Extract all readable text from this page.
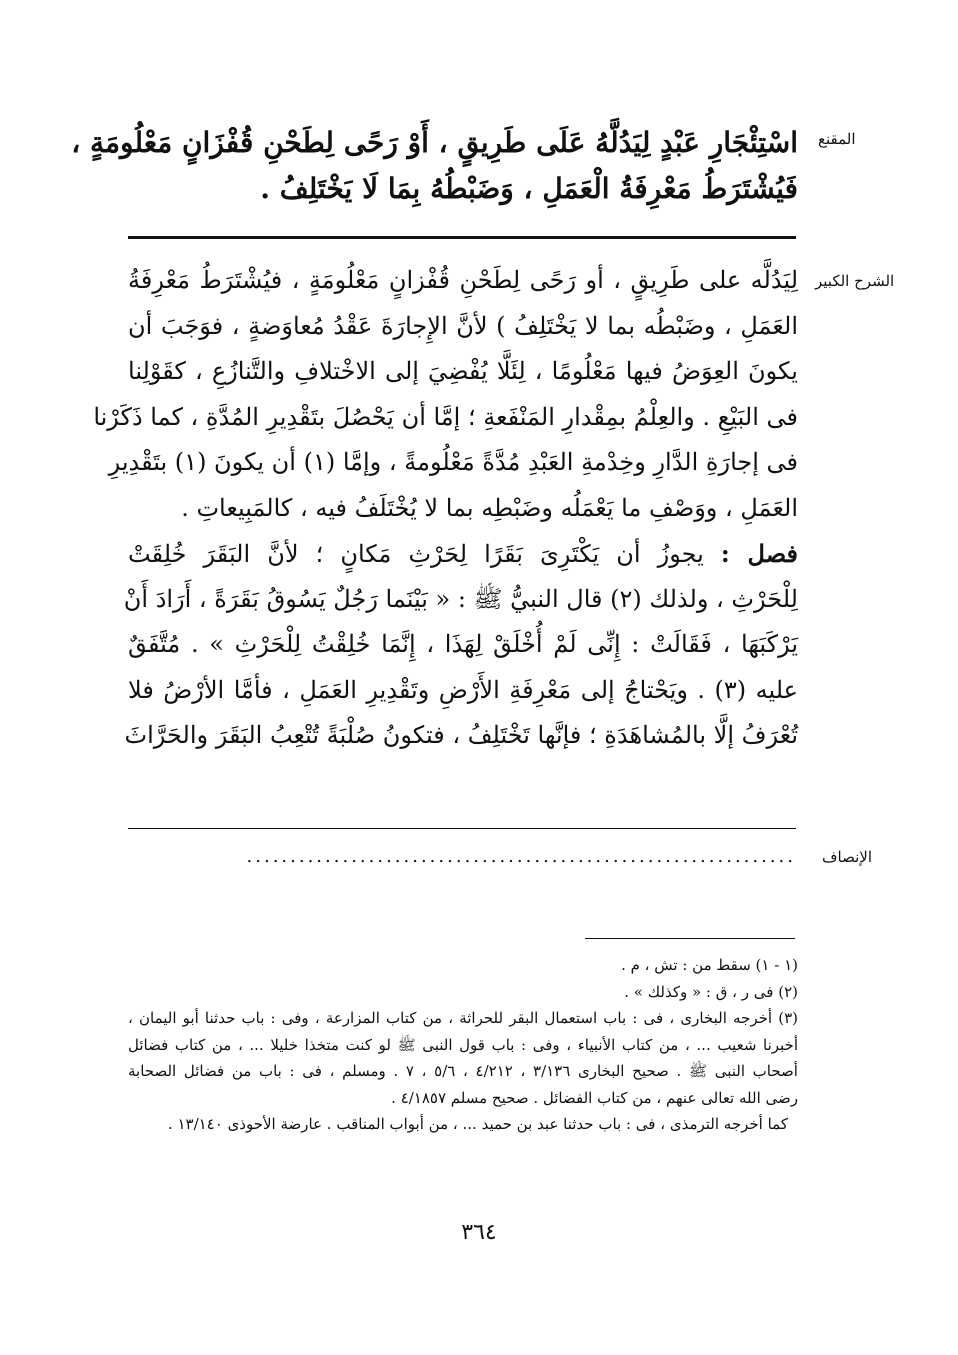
المقنع
الشرح الكبير
الإنصاف
اسْتِئْجَارِ عَبْدٍ لِيَدُلَّهُ عَلَى طَرِيقٍ ، أَوْ رَحًى لِطَحْنِ قُفْزَانٍ مَعْلُومَةٍ ،
فَيُشْتَرَطُ مَعْرِفَةُ الْعَمَلِ ، وَضَبْطُهُ بِمَا لَا يَخْتَلِفُ .
لِيَدُلَّه على طَرِيقٍ ، أو رَحًى لِطَحْنِ قُفْزانٍ مَعْلُومَةٍ ، فيُشْتَرَطُ مَعْرِفَةُ
العَمَلِ ، وضَبْطُه بما لا يَخْتَلِفُ ) لأنَّ الإِجارَةَ عَقْدُ مُعاوَضةٍ ، فوَجَبَ أن
يكونَ العِوَضُ فيها مَعْلُومًا ، لِئَلَّا يُفْضِيَ إلى الاخْتلافِ والتَّنازُعِ ، كقَوْلِنا
فى البَيْعِ . والعِلْمُ بمِقْدارِ المَنْفَعةِ ؛ إمَّا أن يَحْصُلَ بتَقْدِيرِ المُدَّةِ ، كما ذَكَرْنا
فى إجارَةِ الدَّارِ وخِدْمةِ العَبْدِ مُدَّةً مَعْلُومةً ، وإمَّا (١) أن يكونَ (١) بتَقْدِيرِ
العَمَلِ ، ووَصْفِ ما يَعْمَلُه وضَبْطِه بما لا يُخْتَلَفُ فيه ، كالمَبِيعاتِ .
فصل : يجوزُ أن يَكْتَرِىَ بَقَرًا لِحَرْثِ مَكانٍ ؛ لأنَّ البَقَرَ خُلِقَتْ
لِلْحَرْثِ ، ولذلك (٢) قال النبيُّ ﷺ : « بَيْنَما رَجُلٌ يَسُوقُ بَقَرَةً ، أَرَادَ أَنْ
يَرْكَبَهَا ، فَقَالَتْ : إِنِّى لَمْ أُخْلَقْ لِهَذَا ، إِنَّمَا خُلِقْتُ لِلْحَرْثِ » . مُتَّفَقٌ
عليه (٣) . ويَحْتاجُ إلى مَعْرِفَةِ الأَرْضِ وتَقْدِيرِ العَمَلِ ، فأمَّا الأرْضُ فلا
تُعْرَفُ إلَّا بالمُشاهَدَةِ ؛ فإنَّها تَخْتَلِفُ ، فتكونُ صُلْبَةً تُتْعِبُ البَقَرَ والحَرَّاثَ
...............................................................
(١ - ١) سقط من : تش ، م .
(٢) فى ر ، ق : « وكذلك » .
(٣) أخرجه البخارى ، فى : باب استعمال البقر للحراثة ، من كتاب المزارعة ، وفى : باب حدثنا أبو اليمان ،
أخبرنا شعيب ... ، من كتاب الأنبياء ، وفى : باب قول النبى ﷺ لو كنت متخذا خليلا ... ، من كتاب فضائل
أصحاب النبى ﷺ . صحيح البخارى ٣/١٣٦ ، ٤/٢١٢ ، ٥/٦ ، ٧ . ومسلم ، فى : باب من فضائل الصحابة
رضى الله تعالى عنهم ، من كتاب الفضائل . صحيح مسلم ٤/١٨٥٧ .
كما أخرجه الترمذى ، فى : باب حدثنا عبد بن حميد ... ، من أبواب المناقب . عارضة الأحوذى ١٣/١٤٠ .
٣٦٤
